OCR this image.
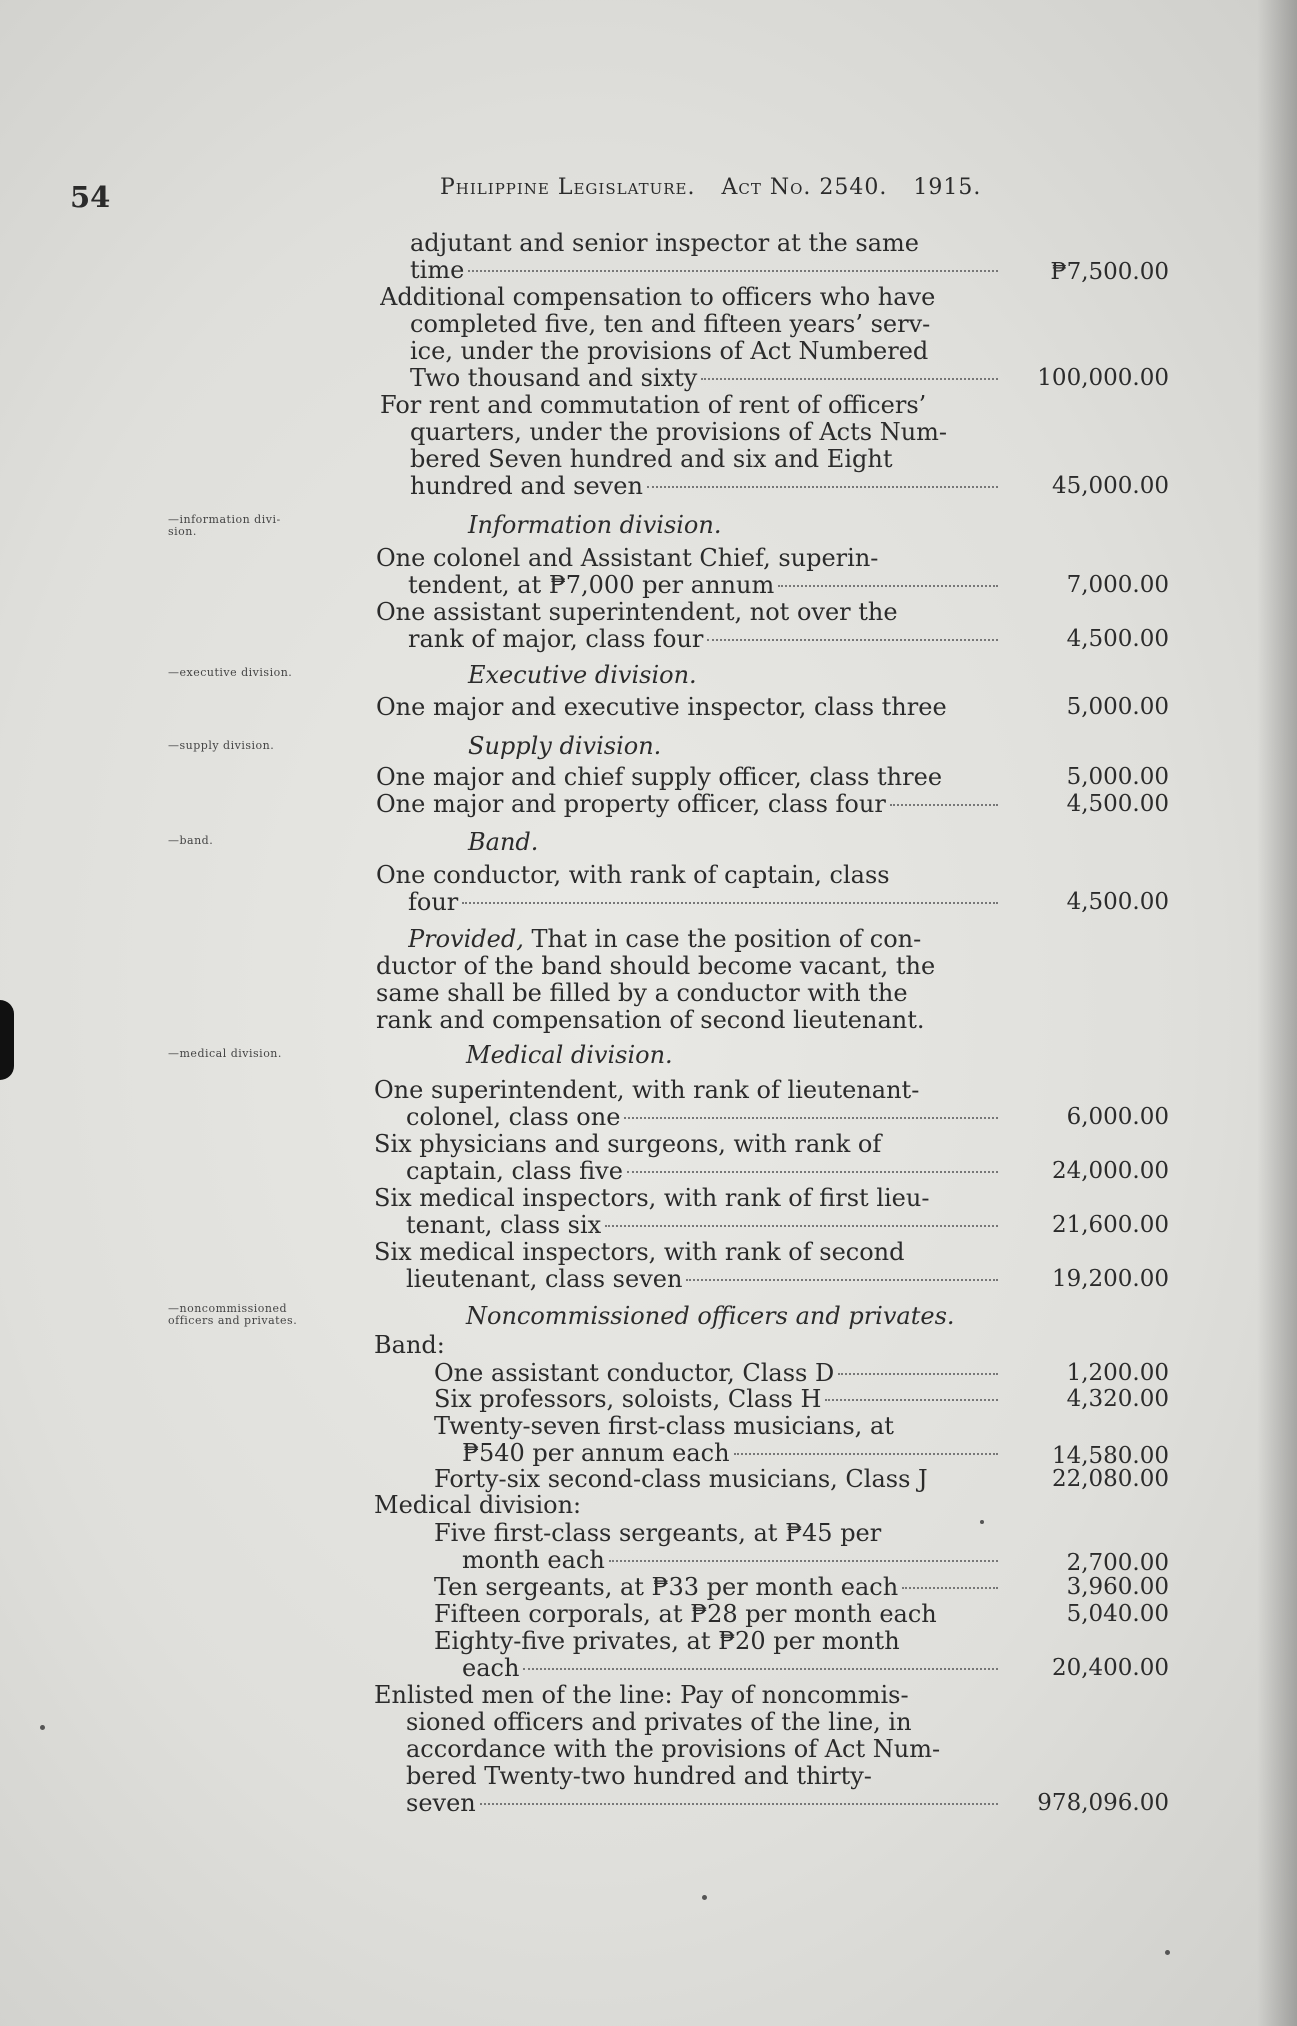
54	Philippine Legislature. Act No. 2540. 1915.
adjutant and senior inspector at the same
time	₱7,500.00
Additional compensation to officers who have
completed five, ten and fifteen years’ serv-
ice, under the provisions of Act Numbered
Two thousand and sixty	100,000.00
For rent and commutation of rent of officers’
quarters, under the provisions of Acts Num-
bered Seven hundred and six and Eight
hundred and seven	45,000.00
—information divi-
sion.	Information division.
One colonel and Assistant Chief, superin-
tendent, at ₱7,000 per annum	7,000.00
One assistant superintendent, not over the
rank of major, class four	4,500.00
—executive division.	Executive division.
One major and executive inspector, class three	5,000.00
—supply division.	Supply division.
One major and chief supply officer, class three	5,000.00
One major and property officer, class four	4,500.00
—band.	Band.
One conductor, with rank of captain, class
four	4,500.00
Provided, That in case the position of con-
ductor of the band should become vacant, the
same shall be filled by a conductor with the
rank and compensation of second lieutenant.
—medical division.	Medical division.
One superintendent, with rank of lieutenant-
colonel, class one	6,000.00
Six physicians and surgeons, with rank of
captain, class five	24,000.00
Six medical inspectors, with rank of first lieu-
tenant, class six	21,600.00
Six medical inspectors, with rank of second
lieutenant, class seven	19,200.00
—noncommissioned
officers and privates.	Noncommissioned officers and privates.
Band:
One assistant conductor, Class D	1,200.00
Six professors, soloists, Class H	4,320.00
Twenty-seven first-class musicians, at
₱540 per annum each	14,580.00
Forty-six second-class musicians, Class J	22,080.00
Medical division:
Five first-class sergeants, at ₱45 per
month each	2,700.00
Ten sergeants, at ₱33 per month each	3,960.00
Fifteen corporals, at ₱28 per month each	5,040.00
Eighty-five privates, at ₱20 per month
each	20,400.00
Enlisted men of the line: Pay of noncommis-
sioned officers and privates of the line, in
accordance with the provisions of Act Num-
bered Twenty-two hundred and thirty-
seven	978,096.00
